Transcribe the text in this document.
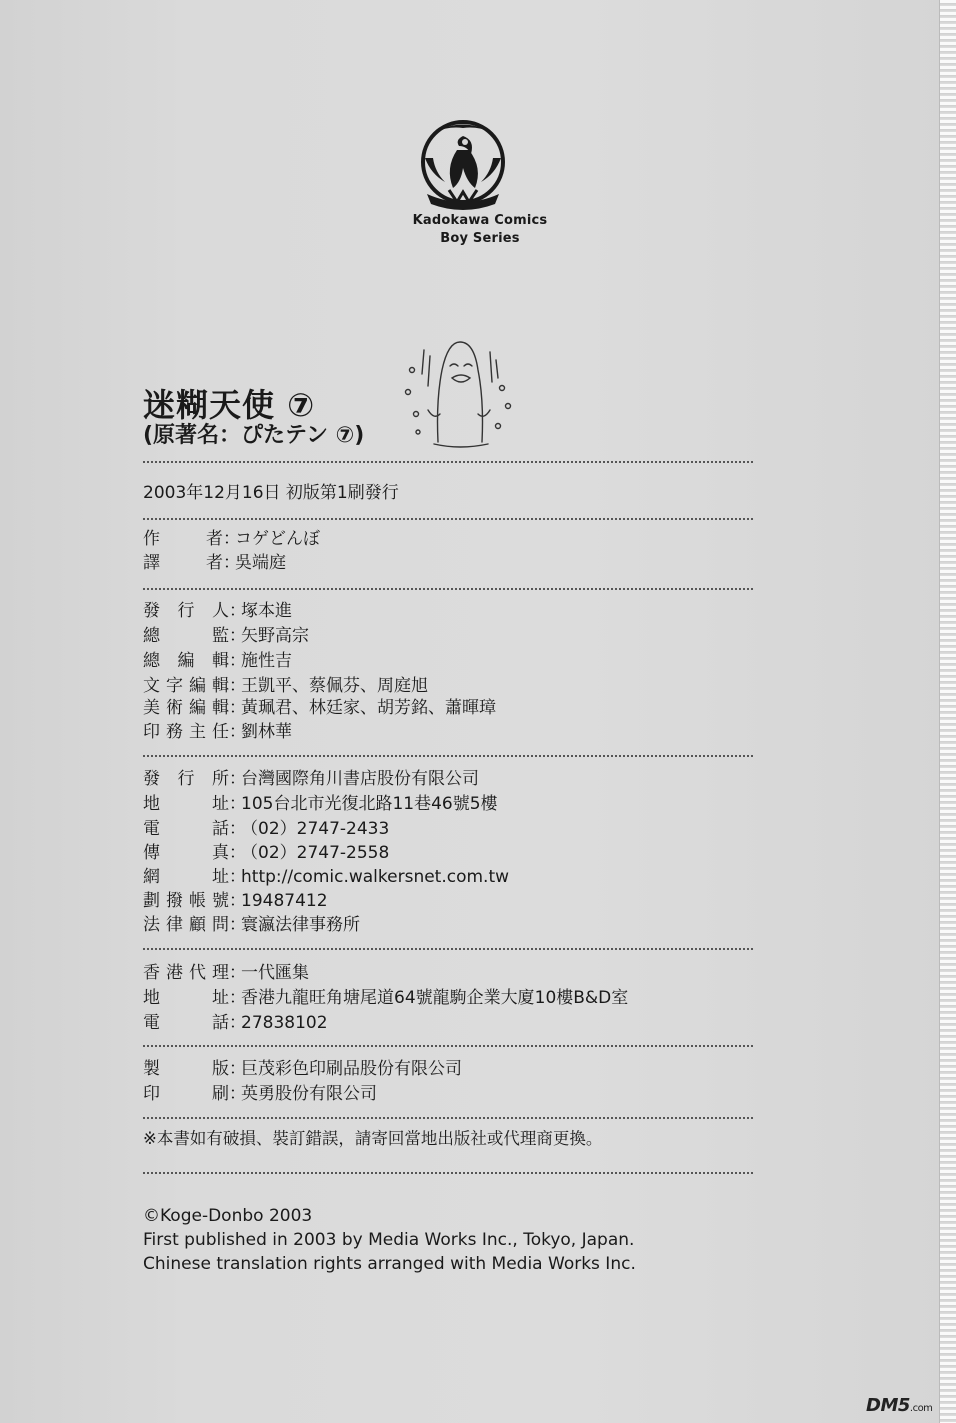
Kadokawa Comics
Boy Series
迷糊天使 ⑦
(原著名：ぴたテン ⑦)
2003年12月16日 初版第1刷發行
作者：コゲどんぼ
譯者：吳端庭
發行人：塚本進
總監：矢野高宗
總編輯：施性吉
文字編輯：王凱平、蔡佩芬、周庭旭
美術編輯：黃珮君、林廷家、胡芳銘、蕭暉璋
印務主任：劉林華
發行所：台灣國際角川書店股份有限公司
地址：105台北市光復北路11巷46號5樓
電話：（02）2747-2433
傳真：（02）2747-2558
網址：http://comic.walkersnet.com.tw
劃撥帳號：19487412
法律顧問：寰瀛法律事務所
香港代理：一代匯集
地址：香港九龍旺角塘尾道64號龍駒企業大廈10樓B&D室
電話：27838102
製版：巨茂彩色印刷品股份有限公司
印刷：英勇股份有限公司
※本書如有破損、裝訂錯誤，請寄回當地出版社或代理商更換。
©Koge-Donbo 2003
First published in 2003 by Media Works Inc., Tokyo, Japan.
Chinese translation rights arranged with Media Works Inc.
DM5.com
